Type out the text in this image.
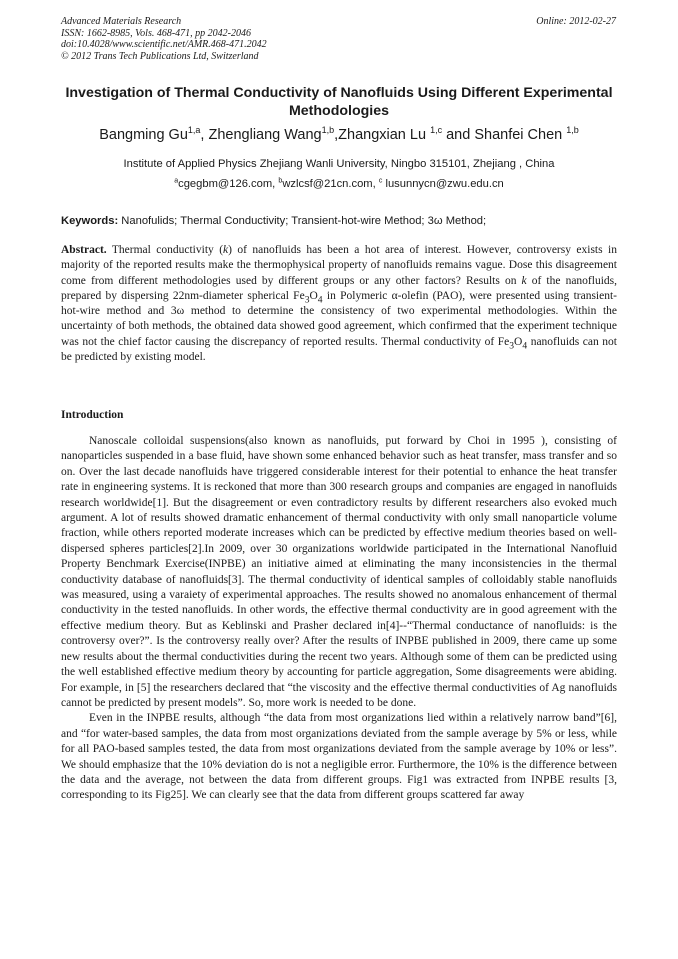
Advanced Materials Research
ISSN: 1662-8985, Vols. 468-471, pp 2042-2046
doi:10.4028/www.scientific.net/AMR.468-471.2042
© 2012 Trans Tech Publications Ltd, Switzerland
Online: 2012-02-27
Investigation of Thermal Conductivity of Nanofluids Using Different Experimental Methodologies
Bangming Gu$^{1,a}$, Zhengliang Wang$^{1,b}$,Zhangxian Lu $^{1,c}$ and Shanfei Chen $^{1,b}$
Institute of Applied Physics Zhejiang Wanli University, Ningbo 315101, Zhejiang , China
$^a$cgegbm@126.com, $^b$wzlcsf@21cn.com, $^c$ lusunnycn@zwu.edu.cn
Keywords: Nanofulids; Thermal Conductivity; Transient-hot-wire Method; 3ω Method;
Abstract. Thermal conductivity (k) of nanofluids has been a hot area of interest. However, controversy exists in majority of the reported results make the thermophysical property of nanofluids remains vague. Dose this disagreement come from different methodologies used by different groups or any other factors? Results on k of the nanofluids, prepared by dispersing 22nm-diameter spherical $Fe_3O_4$ in Polymeric α-olefin (PAO), were presented using transient-hot-wire method and 3ω method to determine the consistency of two experimental methodologies. Within the uncertainty of both methods, the obtained data showed good agreement, which confirmed that the experiment technique was not the chief factor causing the discrepancy of reported results. Thermal conductivity of $Fe_3O_4$ nanofluids can not be predicted by existing model.
Introduction

Nanoscale colloidal suspensions(also known as nanofluids, put forward by Choi in 1995 ), consisting of nanoparticles suspended in a base fluid, have shown some enhanced behavior such as heat transfer, mass transfer and so on. Over the last decade nanofluids have triggered considerable interest for their potential to enhance the heat transfer rate in engineering systems. It is reckoned that more than 300 research groups and companies are engaged in nanofluids research worldwide[1]. But the disagreement or even contradictory results by different researchers also evoked much argument. A lot of results showed dramatic enhancement of thermal conductivity with only small nanoparticle volume fraction, while others reported moderate increases which can be predicted by effective medium theories based on well-dispersed spheres particles[2].In 2009, over 30 organizations worldwide participated in the International Nanofluid Property Benchmark Exercise(INPBE) an initiative aimed at eliminating the many inconsistencies in the thermal conductivity database of nanofluids[3]. The thermal conductivity of identical samples of colloidably stable nanofluids was measured, using a varaiety of experimental approaches. The results showed no anomalous enhancement of thermal conductivity in the tested nanofluids. In other words, the effective thermal conductivity are in good agreement with the effective medium theory. But as Keblinski and Prasher declared in[4]--“Thermal conductance of nanofluids: is the controversy over?”. Is the controversy really over? After the results of INPBE published in 2009, there came up some new results about the thermal conductivities during the recent two years. Although some of them can be predicted using the well established effective medium theory by accounting for particle aggregation, Some disagreements were abiding. For example, in [5] the researchers declared that “the viscosity and the effective thermal conductivities of Ag nanofluids cannot be predicted by present models”. So, more work is needed to be done.

Even in the INPBE results, although “the data from most organizations lied within a relatively narrow band”[6], and “for water-based samples, the data from most organizations deviated from the sample average by 5% or less, while for all PAO-based samples tested, the data from most organizations deviated from the sample average by 10% or less”. We should emphasize that the 10% deviation do is not a negligible error. Furthermore, the 10% is the difference between the data and the average, not between the data from different groups. Fig1 was extracted from INPBE results [3, corresponding to its Fig25]. We can clearly see that the data from different groups scattered far away
